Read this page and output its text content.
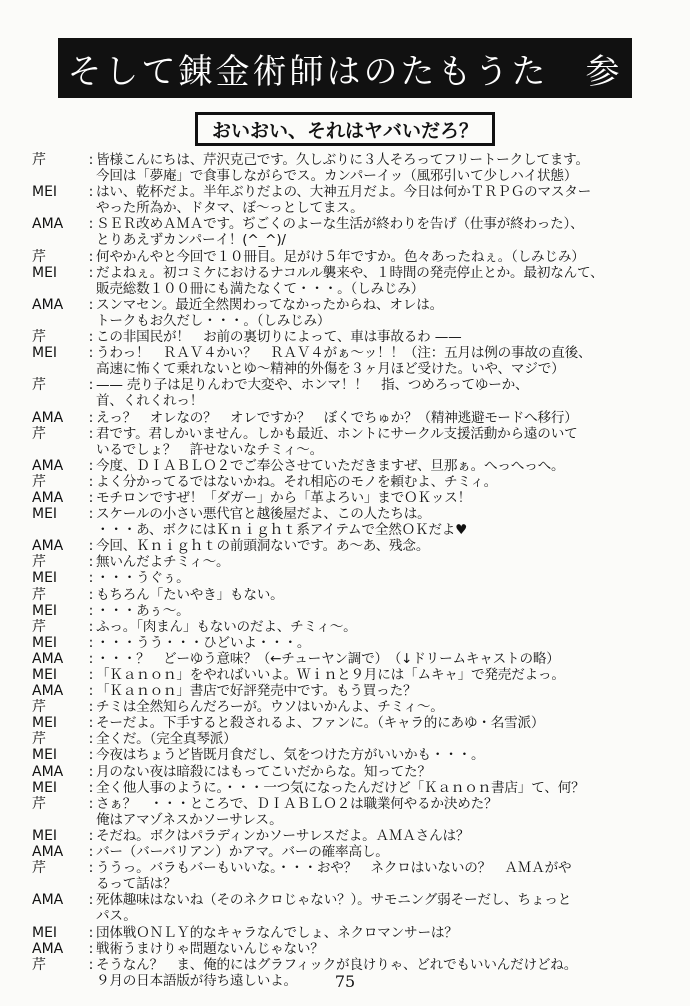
そして錬金術師はのたもうた　参
おいおい、それはヤバいだろ？
芹	: 皆様こんにちは、芹沢克己です。久しぶりに３人そろってフリートークしてます。
今回は「夢庵」で食事しながらでス。カンパーイッ（風邪引いて少しハイ状態）
MEI	: はい、乾杯だよ。半年ぶりだよの、大神五月だよ。今日は何かＴＲＰＧのマスター
やった所為か、ドタマ、ぼ～っとしてまス。
AMA	: ＳＥＲ改めＡＭＡです。ぢごくのよーな生活が終わりを告げ（仕事が終わった）、
とりあえずカンパーイ！(^_^)/
芹	: 何やかんやと今回で１０冊目。足がけ５年ですか。色々あったねぇ。（しみじみ）
MEI	: だよねぇ。初コミケにおけるナコルル襲来や、１時間の発売停止とか。最初なんて、
販売総数１００冊にも満たなくて・・・。（しみじみ）
AMA	: スンマセン。最近全然関わってなかったからね、オレは。
トークもお久だし・・・。（しみじみ）
芹	: この非国民が！　お前の裏切りによって、車は事故るわ ——
MEI	: うわっ！　ＲＡＶ４かい？　ＲＡＶ４がぁ～ッ！！（注：五月は例の事故の直後、
高速に怖くて乗れないとゆ～精神的外傷を３ヶ月ほど受けた。いや、マジで）
芹	: —— 売り子は足りんわで大変や、ホンマ！！　指、つめろってゆーか、
首、くれくれっ！
AMA	: えっ？　オレなの？　オレですか？　ぼくでちゅか？（精神逃避モードへ移行）
芹	: 君です。君しかいません。しかも最近、ホントにサークル支援活動から遠のいて
いるでしょ？　許せないなチミィ～。
AMA	: 今度、ＤＩＡＢＬＯ２でご奉公させていただきますぜ、旦那ぁ。へっへっへ。
芹	: よく分かってるではないかね。それ相応のモノを頼むよ、チミィ。
AMA	: モチロンですぜ！「ダガー」から「革よろい」までＯＫッス！
MEI	: スケールの小さい悪代官と越後屋だよ、この人たちは。
・・・あ、ボクにはＫｎｉｇｈｔ系アイテムで全然ＯＫだよ♥
AMA	: 今回、Ｋｎｉｇｈｔの前頭洞ないです。あ～あ、残念。
芹	: 無いんだよチミィ～。
MEI	: ・・・うぐぅ。
芹	: もちろん「たいやき」もない。
MEI	: ・・・あぅ～。
芹	: ふっ。「肉まん」もないのだよ、チミィ～。
MEI	: ・・・うう・・・ひどいよ・・・。
AMA	: ・・・？　どーゆう意味？（←チューヤン調で）　（↓ドリームキャストの略）
MEI	: 「Ｋａｎｏｎ」をやればいいよ。Ｗｉｎと９月には「ムキャ」で発売だよっ。
AMA	: 「Ｋａｎｏｎ」書店で好評発売中です。もう買った？
芹	: チミは全然知らんだろーが。ウソはいかんよ、チミィ～。
MEI	: そーだよ。下手すると殺されるよ、ファンに。（キャラ的にあゆ・名雪派）
芹	: 全くだ。（完全真琴派）
MEI	: 今夜はちょうど皆既月食だし、気をつけた方がいいかも・・・。
AMA	: 月のない夜は暗殺にはもってこいだからな。知ってた？
MEI	: 全く他人事のように。・・・一つ気になったんだけど「Ｋａｎｏｎ書店」て、何？
芹	: さぁ？　・・・ところで、ＤＩＡＢＬＯ２は職業何やるか決めた？
俺はアマゾネスかソーサレス。
MEI	: そだね。ボクはパラディンかソーサレスだよ。ＡＭＡさんは？
AMA	: バー（バーバリアン）かアマ。バーの確率高し。
芹	: ううっ。バラもバーもいいな。・・・おや？　ネクロはいないの？　ＡＭＡがや
るって話は？
AMA	: 死体趣味はないね（そのネクロじゃない？）。サモニング弱そーだし、ちょっと
パス。
MEI	: 団体戦ＯＮＬＹ的なキャラなんでしょ、ネクロマンサーは？
AMA	: 戦術うまけりゃ問題ないんじゃない？
芹	: そうなん？　ま、俺的にはグラフィックが良けりゃ、どれでもいいんだけどね。
９月の日本語版が待ち遠しいよ。	75
